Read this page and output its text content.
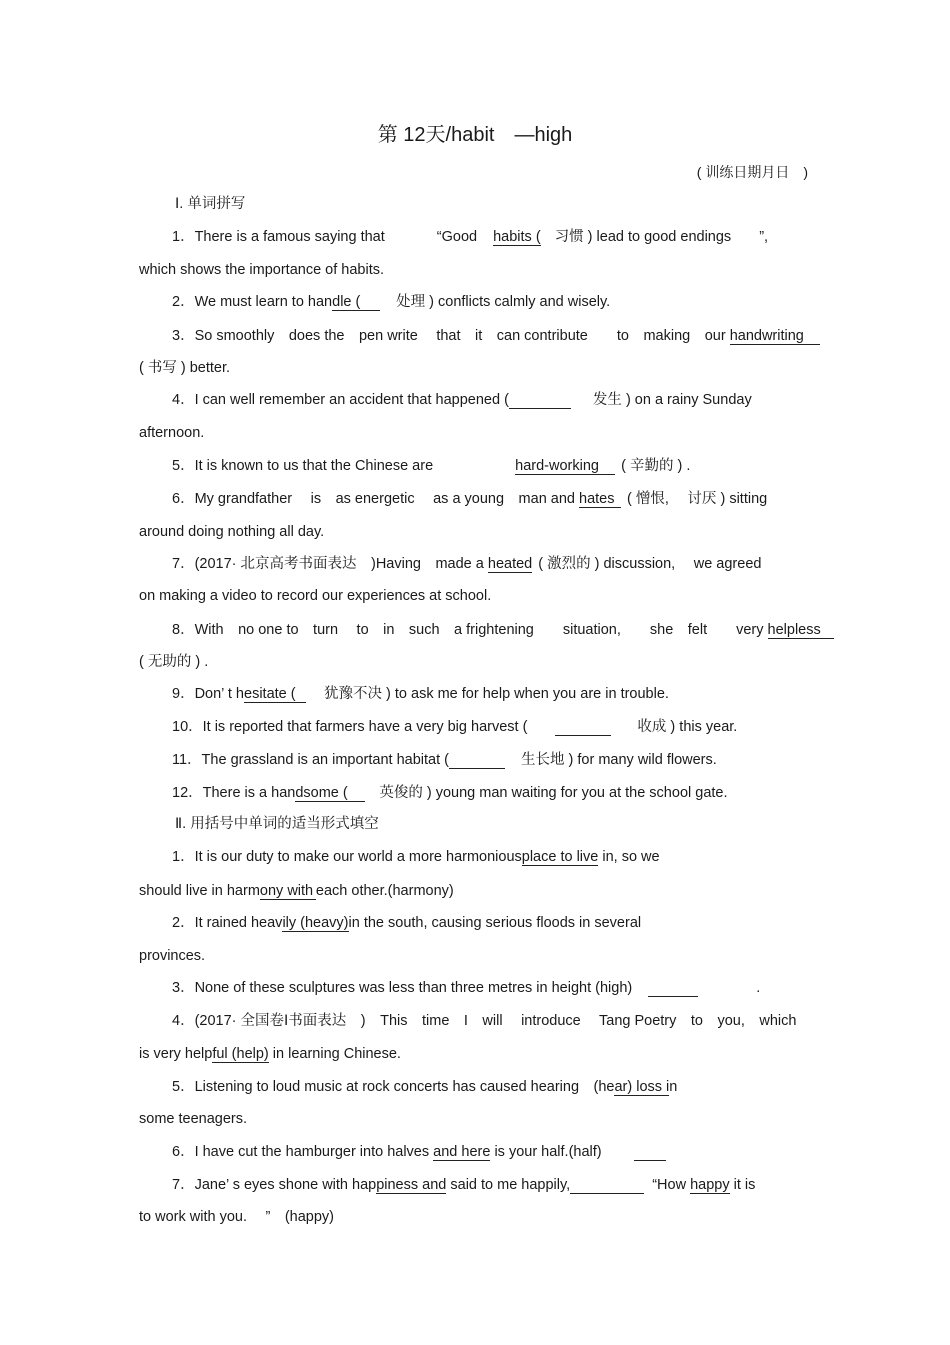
第 12天/habit　—high
( 训练日期月日　)
Ⅰ. 单词拼写
1．There is a famous saying that	“Good habits ( 习惯 ) lead to good endings ”,
which shows the importance of habits.
2．We must learn to handle ( 处理 ) conflicts calmly and wisely.
3．So smoothly　does the　pen write　 that　it　can contribute　　to　making　our handwriting
( 书写 ) better.
4．I can well remember an accident that happened (	发生 ) on a rainy Sunday
afternoon.
5．It is known to us that the Chinese are	hard-working ( 辛勤的 ) .
6．My grandfather　 is　as energetic　 as a young　man and hates ( 憎恨,　 讨厌 ) sitting
around doing nothing all day.
7．(2017· 北京高考书面表达　)Having　made a heated ( 激烈的 ) discussion,　 we agreed
on making a video to record our experiences at school.
8．With　no one to　turn　 to　in　such　a frightening　　situation,　　she　felt　　very helpless
( 无助的 ) .
9．Don’ t hesitate ( 犹豫不决 ) to ask me for help when you are in trouble.
10．It is reported that farmers have a very big harvest (	收成 ) this year.
11．The grassland is an important habitat (	生长地 ) for many wild flowers.
12．There is a handsome ( 英俊的 ) young man waiting for you at the school gate.
Ⅱ. 用括号中单词的适当形式填空
1．It is our duty to make our world a more harmoniousplace to live in, so we
should live in harmony with each other.(harmony)
2．It rained heavily (heavy)in the south, causing serious floods in several
provinces.
3．None of these sculptures was less than three metres in height (high)	.
4．(2017· 全国卷Ⅰ书面表达　)　This　time　I　will　 introduce　 Tang Poetry　to　you,　which
is very helpful (help) in learning Chinese.
5．Listening to loud music at rock concerts has caused hearing　(hear) loss in
some teenagers.
6．I have cut the hamburger into halves and here is your half.(half)
7．Jane’ s eyes shone with happiness and said to me happily,	“How happy it is
to work with you.　 ”　(happy)
